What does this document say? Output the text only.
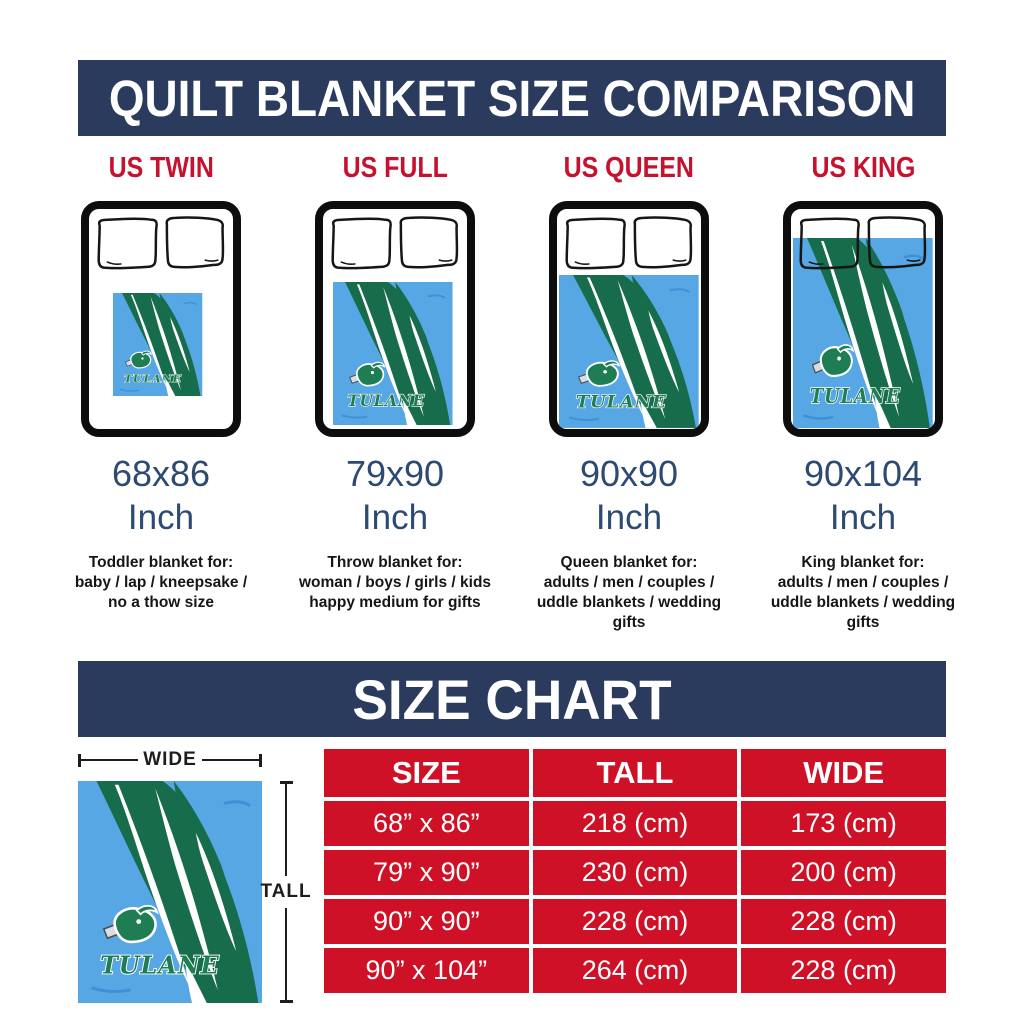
QUILT BLANKET SIZE COMPARISON
US TWIN
TULANE
68x86
Inch
Toddler blanket for:
baby / lap / kneepsake /
no a thow size
US FULL
TULANE
79x90
Inch
Throw blanket for:
woman / boys / girls / kids
happy medium for gifts
US QUEEN
TULANE
90x90
Inch
Queen blanket for:
adults / men / couples /
uddle blankets / wedding gifts
US KING
TULANE
90x104
Inch
King blanket for:
adults / men / couples /
uddle blankets / wedding gifts
SIZE CHART
WIDE
TULANE
TALL
SIZE	TALL	WIDE
68” x 86”	218 (cm)	173 (cm)
79” x 90”	230 (cm)	200 (cm)
90” x 90”	228 (cm)	228 (cm)
90” x 104”	264 (cm)	228 (cm)
